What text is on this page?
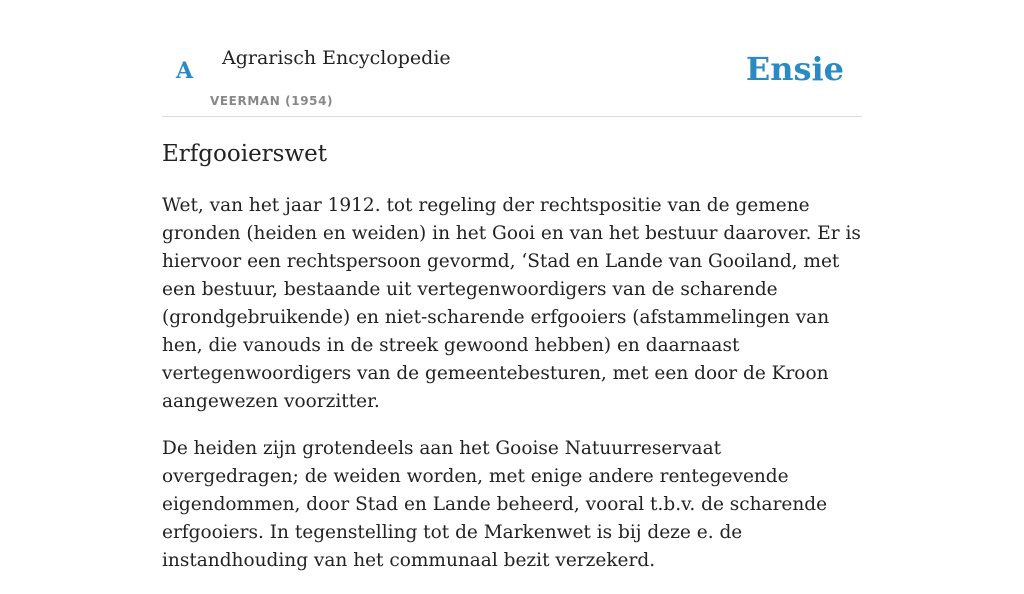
A Agrarisch Encyclopedie
VEERMAN (1954)
Ensie
Erfgooierswet

Wet, van het jaar 1912. tot regeling der rechtspositie van de gemene gronden (heiden en weiden) in het Gooi en van het bestuur daarover. Er is hiervoor een rechtspersoon gevormd, ‘Stad en Lande van Gooiland, met een bestuur, bestaande uit vertegenwoordigers van de scharende (grondgebruikende) en niet-scharende erfgooiers (afstammelingen van hen, die vanouds in de streek gewoond hebben) en daarnaast vertegenwoordigers van de gemeentebesturen, met een door de Kroon aangewezen voorzitter.

De heiden zijn grotendeels aan het Gooise Natuurreservaat overgedragen; de weiden worden, met enige andere rentegevende eigendommen, door Stad en Lande beheerd, vooral t.b.v. de scharende erfgooiers. In tegenstelling tot de Markenwet is bij deze e. de instandhouding van het communaal bezit verzekerd.
